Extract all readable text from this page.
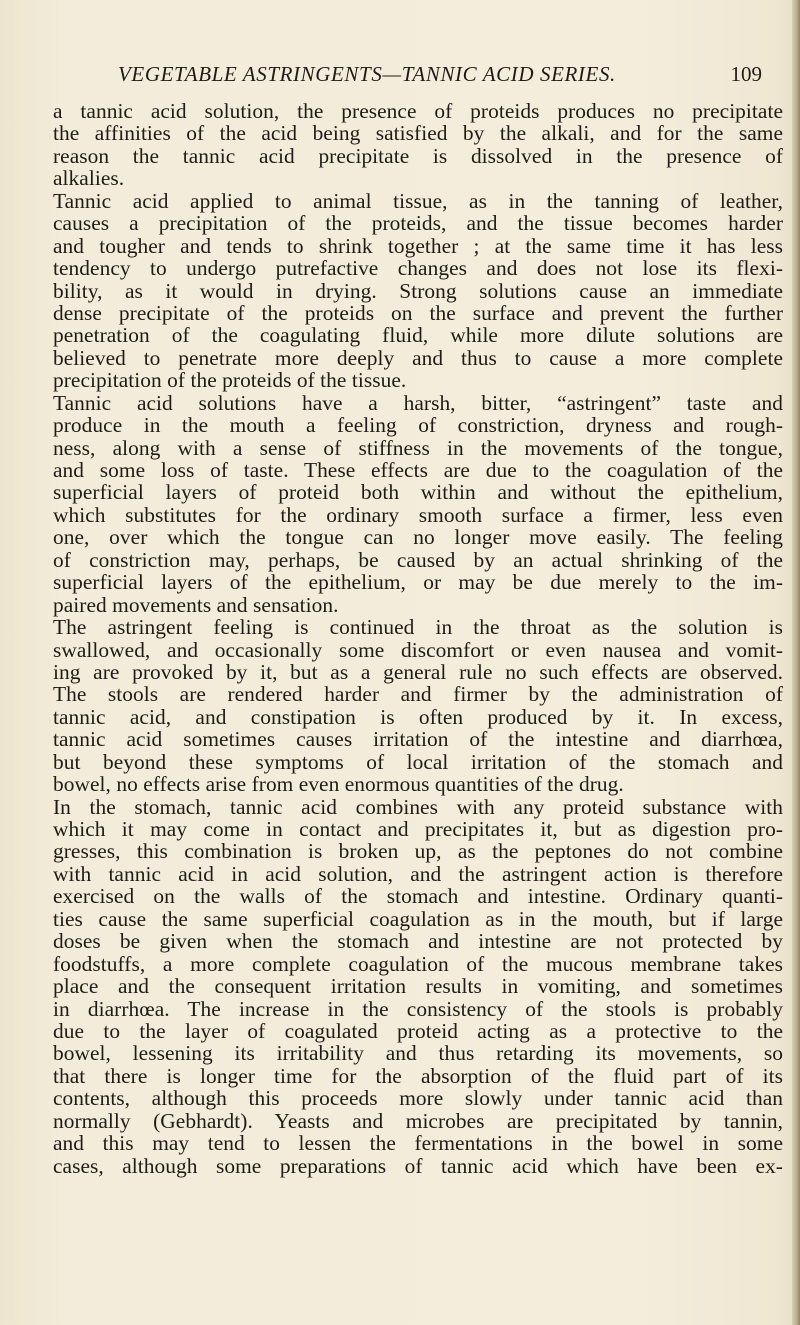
VEGETABLE ASTRINGENTS—TANNIC ACID SERIES.	109
a tannic acid solution, the presence of proteids produces no precipitate
the affinities of the acid being satisfied by the alkali, and for the same
reason the tannic acid precipitate is dissolved in the presence of
alkalies.
Tannic acid applied to animal tissue, as in the tanning of leather,
causes a precipitation of the proteids, and the tissue becomes harder
and tougher and tends to shrink together ; at the same time it has less
tendency to undergo putrefactive changes and does not lose its flexi-
bility, as it would in drying. Strong solutions cause an immediate
dense precipitate of the proteids on the surface and prevent the further
penetration of the coagulating fluid, while more dilute solutions are
believed to penetrate more deeply and thus to cause a more complete
precipitation of the proteids of the tissue.
Tannic acid solutions have a harsh, bitter, “astringent” taste and
produce in the mouth a feeling of constriction, dryness and rough-
ness, along with a sense of stiffness in the movements of the tongue,
and some loss of taste. These effects are due to the coagulation of the
superficial layers of proteid both within and without the epithelium,
which substitutes for the ordinary smooth surface a firmer, less even
one, over which the tongue can no longer move easily. The feeling
of constriction may, perhaps, be caused by an actual shrinking of the
superficial layers of the epithelium, or may be due merely to the im-
paired movements and sensation.
The astringent feeling is continued in the throat as the solution is
swallowed, and occasionally some discomfort or even nausea and vomit-
ing are provoked by it, but as a general rule no such effects are observed.
The stools are rendered harder and firmer by the administration of
tannic acid, and constipation is often produced by it. In excess,
tannic acid sometimes causes irritation of the intestine and diarrhœa,
but beyond these symptoms of local irritation of the stomach and
bowel, no effects arise from even enormous quantities of the drug.
In the stomach, tannic acid combines with any proteid substance with
which it may come in contact and precipitates it, but as digestion pro-
gresses, this combination is broken up, as the peptones do not combine
with tannic acid in acid solution, and the astringent action is therefore
exercised on the walls of the stomach and intestine. Ordinary quanti-
ties cause the same superficial coagulation as in the mouth, but if large
doses be given when the stomach and intestine are not protected by
foodstuffs, a more complete coagulation of the mucous membrane takes
place and the consequent irritation results in vomiting, and sometimes
in diarrhœa. The increase in the consistency of the stools is probably
due to the layer of coagulated proteid acting as a protective to the
bowel, lessening its irritability and thus retarding its movements, so
that there is longer time for the absorption of the fluid part of its
contents, although this proceeds more slowly under tannic acid than
normally (Gebhardt). Yeasts and microbes are precipitated by tannin,
and this may tend to lessen the fermentations in the bowel in some
cases, although some preparations of tannic acid which have been ex-
